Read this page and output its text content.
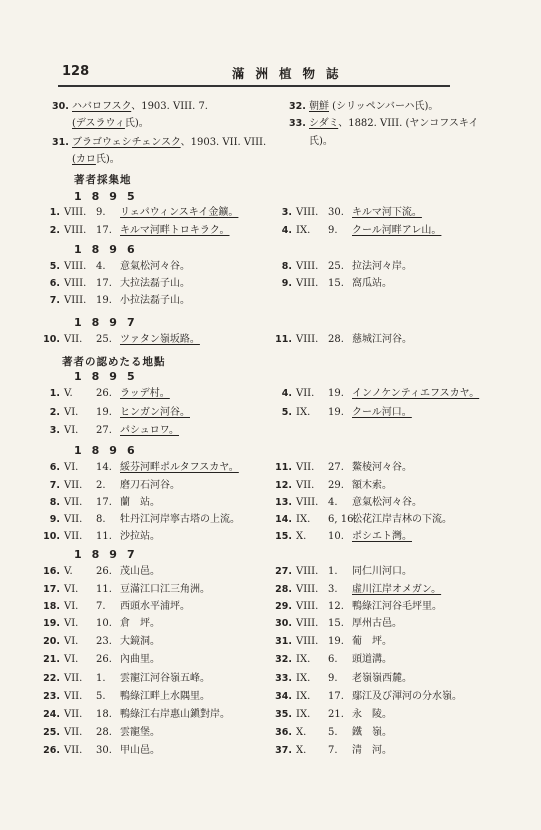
128	滿洲植物誌
著者採集地
1895
1896
1897
著者の認めたる地點
1895
1896
1897
30. ハバロフスク、1903. VIII. 7.
(デスラウィ氏)。
31. ブラゴウェシチェンスク、1903. VII. VIII.
(カロ氏)。
32. 朝鮮 (シリッペンバーハ氏)。
33. シダミ、1882. VIII. (ヤンコフスキイ
氏)。
1. VIII. 9. リェパウィンスキイ金鑛。
2. VIII. 17. キルマ河畔トロキラク。
3. VIII. 30. キルマ河下流。
4. IX. 9. クール河畔アレ山。
5. VIII. 4. 意氣松河々谷。
6. VIII. 17. 大拉法磊子山。
7. VIII. 19. 小拉法磊子山。
8. VIII. 25. 拉法河々岸。
9. VIII. 15. 窩瓜站。
10. VII. 25. ツァタン嶺坂路。	11. VIII. 28. 慈城江河谷。
1. V. 26. ラッデ村。
2. VI. 19. ヒンガン河谷。
3. VI. 27. パシュロワ。
4. VII. 19. インノケンティエフスカヤ。
5. IX. 19. クール河口。
6. VI. 14. 綏芬河畔ポルタフスカヤ。
7. VII. 2. 磨刀石河谷。
8. VII. 17. 蘭　站。
9. VII. 8. 牡丹江河岸寧古塔の上流。
10. VII. 11. 沙拉站。
11. VII. 27. 鰲棱河々谷。
12. VII. 29. 額木索。
13. VIII. 4. 意氣松河々谷。
14. IX. 6, 16.松花江岸吉林の下流。
15. X. 10. ポシエト灣。
16. V. 26. 茂山邑。
17. VI. 11. 豆滿江口江三角洲。
18. VI. 7. 西頭水平浦坪。
19. VI. 10. 倉　坪。
20. VI. 23. 大鏡洞。
21. VI. 26. 內曲里。
22. VII. 1. 雲寵江河谷嶺五峰。
23. VII. 5. 鴨綠江畔上水隅里。
24. VII. 18. 鴨綠江右岸惠山鎭對岸。
25. VII. 28. 雲寵堡。
26. VII. 30. 甲山邑。
27. VIII. 1. 同仁川河口。
28. VIII. 3. 虛川江岸オメガン。
29. VIII. 12. 鴨綠江河谷毛坪里。
30. VIII. 15. 厚州古邑。
31. VIII. 19. 葡　坪。
32. IX. 6. 頭道溝。
33. IX. 9. 老嶺嶺西麓。
34. IX. 17. 鄢江及び渾河の分水嶺。
35. IX. 21. 永　陵。
36. X. 5. 鐵　嶺。
37. X. 7. 清　河。
